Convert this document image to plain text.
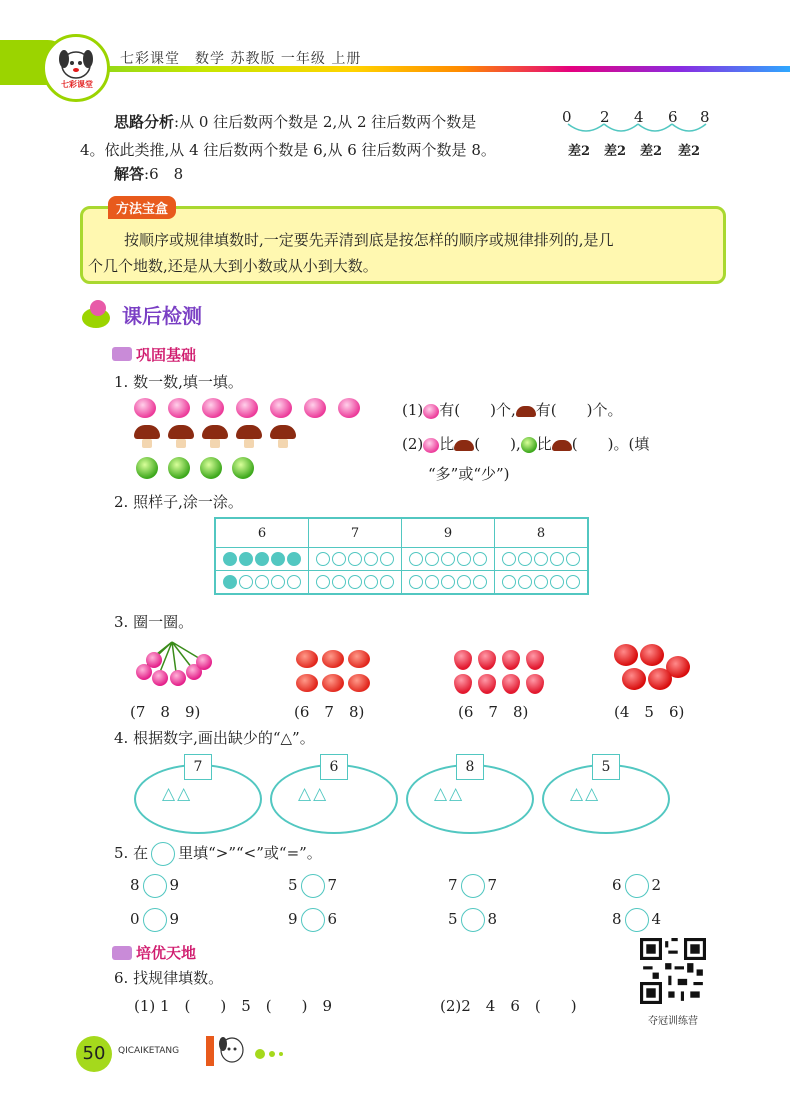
七彩课堂
七彩课堂　数学 苏教版 一年级 上册
思路分析:从 0 往后数两个数是 2,从 2 往后数两个数是
4。依此类推,从 4 往后数两个数是 6,从 6 往后数两个数是 8。
解答:6　8
0 2 4 6 8
差2 差2 差2 差2
方法宝盒
按顺序或规律填数时,一定要先弄清到底是按怎样的顺序或规律排列的,是几
个几个地数,还是从大到小数或从小到大数。
课后检测
巩固基础
1. 数一数,填一填。
(1) 有(　　)个, 有(　　)个。
(2) 比 (　　), 比 (　　)。(填
“多”或“少”)
2. 照样子,涂一涂。
6	7	9	8

3. 圈一圈。
(7　8　9)	(6　7　8)	(6　7　8)	(4　5　6)
4. 根据数字,画出缺少的“△”。
7
△△
6
△△
8
△△
5
△△
5. 在 里填“>”“<”或“=”。
8 9	5 7	7 7	6 2
0 9	9 6	5 8	8 4
培优天地
6. 找规律填数。
(1) 1　(　　)　5　(　　)　9	(2)2　4　6　(　　)
夺冠训练营
50	QICAIKETANG
